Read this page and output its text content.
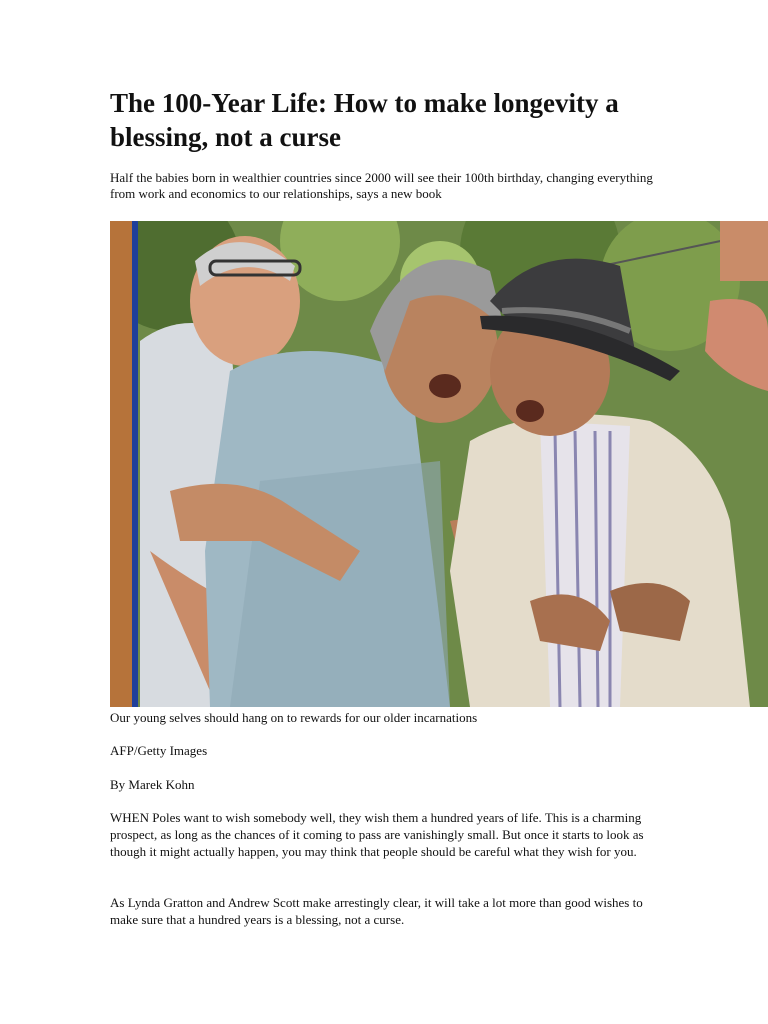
The 100-Year Life: How to make longevity a blessing, not a curse

Half the babies born in wealthier countries since 2000 will see their 100th birthday, changing everything from work and economics to our relationships, says a new book

Our young selves should hang on to rewards for our older incarnations

AFP/Getty Images

By Marek Kohn

WHEN Poles want to wish somebody well, they wish them a hundred years of life. This is a charming prospect, as long as the chances of it coming to pass are vanishingly small. But once it starts to look as though it might actually happen, you may think that people should be careful what they wish for you.

As Lynda Gratton and Andrew Scott make arrestingly clear, it will take a lot more than good wishes to make sure that a hundred years is a blessing, not a curse.
